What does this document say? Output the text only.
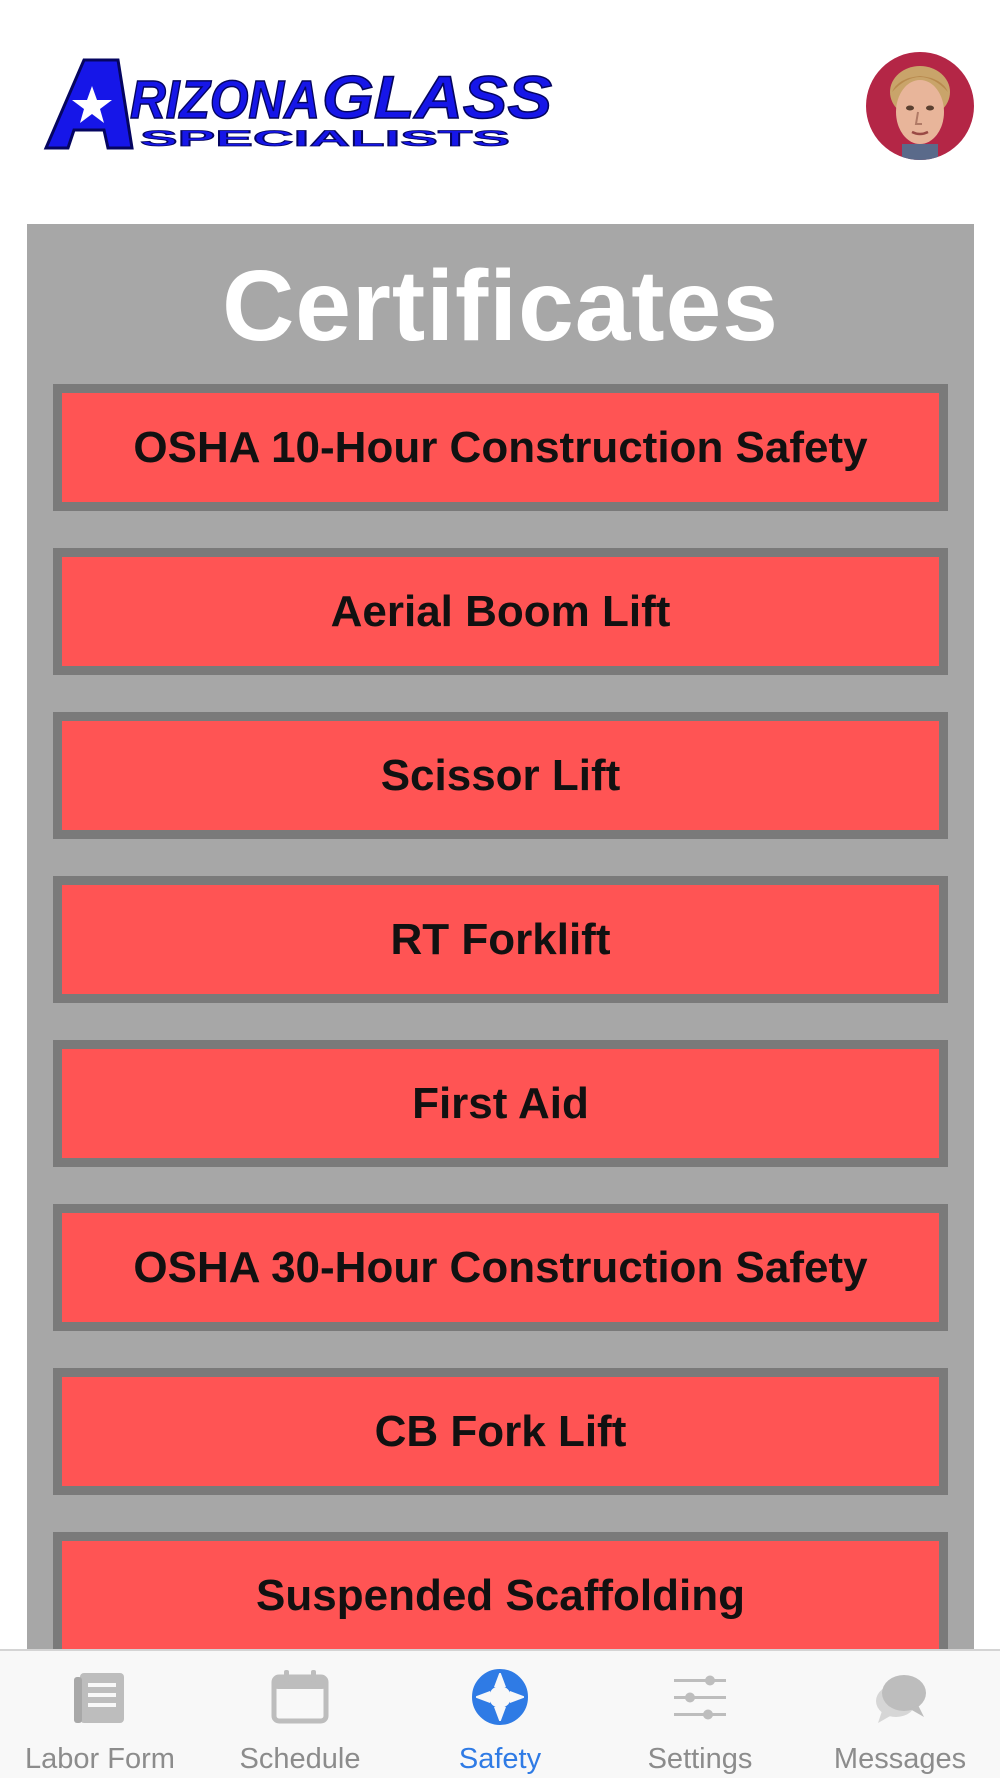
RIZONA GLASS
SPECIALISTS
Certificates
OSHA 10-Hour Construction Safety
Aerial Boom Lift
Scissor Lift
RT Forklift
First Aid
OSHA 30-Hour Construction Safety
CB Fork Lift
Suspended Scaffolding
Labor Form Schedule	Safety	Settings	Messages
